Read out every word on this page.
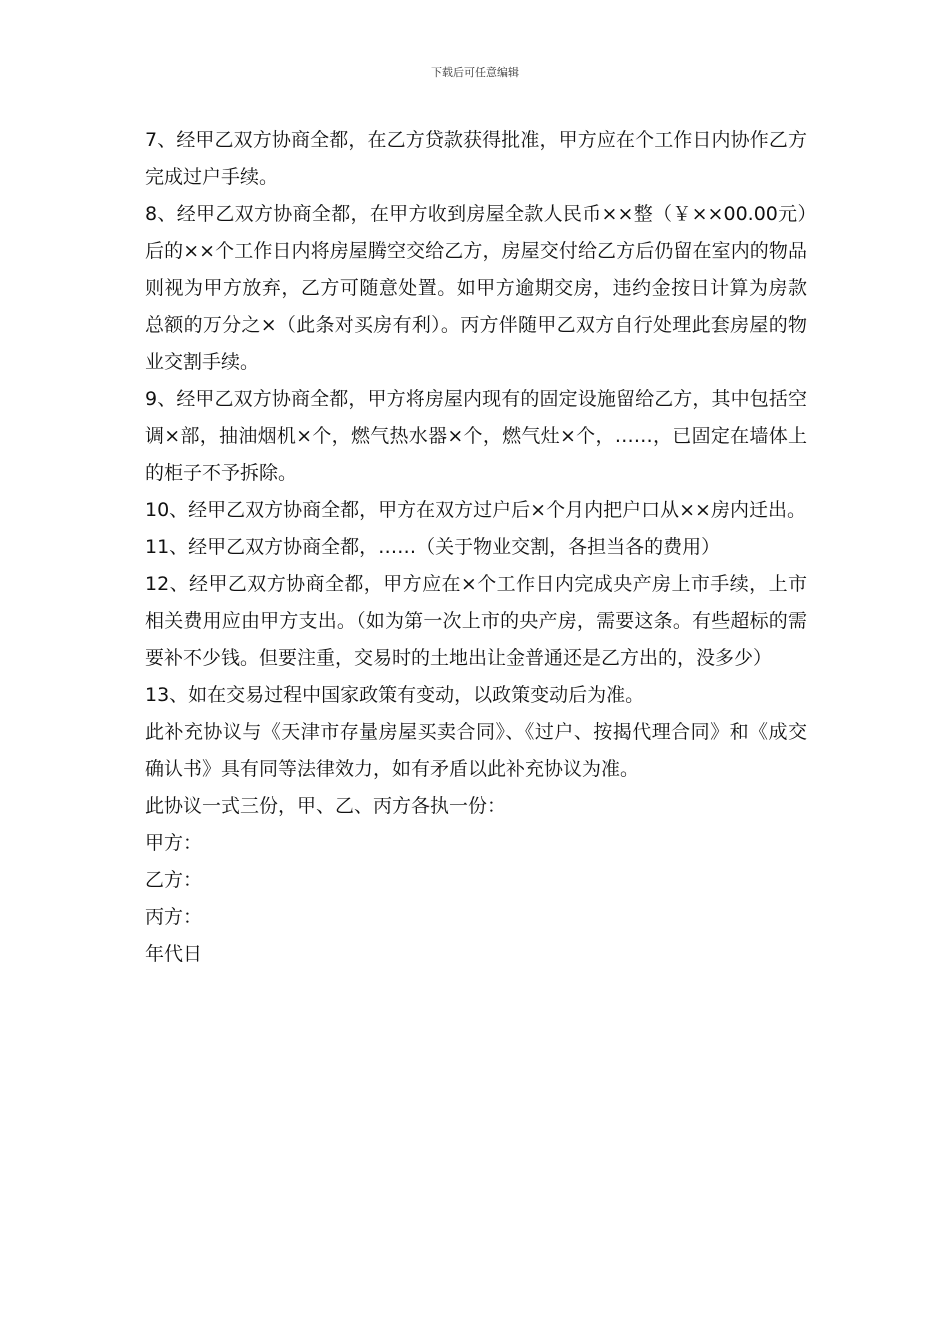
下载后可任意编辑

7、经甲乙双方协商全都，在乙方贷款获得批准，甲方应在个工作日内协作乙方完成过户手续。

8、经甲乙双方协商全都，在甲方收到房屋全款人民币××整（￥××00.00元）后的××个工作日内将房屋腾空交给乙方，房屋交付给乙方后仍留在室内的物品则视为甲方放弃，乙方可随意处置。如甲方逾期交房，违约金按日计算为房款总额的万分之×（此条对买房有利）。丙方伴随甲乙双方自行处理此套房屋的物业交割手续。

9、经甲乙双方协商全都，甲方将房屋内现有的固定设施留给乙方，其中包括空调×部，抽油烟机×个，燃气热水器×个，燃气灶×个，……，已固定在墙体上的柜子不予拆除。

10、经甲乙双方协商全都，甲方在双方过户后×个月内把户口从××房内迁出。

11、经甲乙双方协商全都，……（关于物业交割，各担当各的费用）

12、经甲乙双方协商全都，甲方应在×个工作日内完成央产房上市手续，上市相关费用应由甲方支出。（如为第一次上市的央产房，需要这条。有些超标的需要补不少钱。但要注重，交易时的土地出让金普通还是乙方出的，没多少）

13、如在交易过程中国家政策有变动，以政策变动后为准。

此补充协议与《天津市存量房屋买卖合同》、《过户、按揭代理合同》和《成交确认书》具有同等法律效力，如有矛盾以此补充协议为准。

此协议一式三份，甲、乙、丙方各执一份：

甲方：

乙方：

丙方：

年代日
